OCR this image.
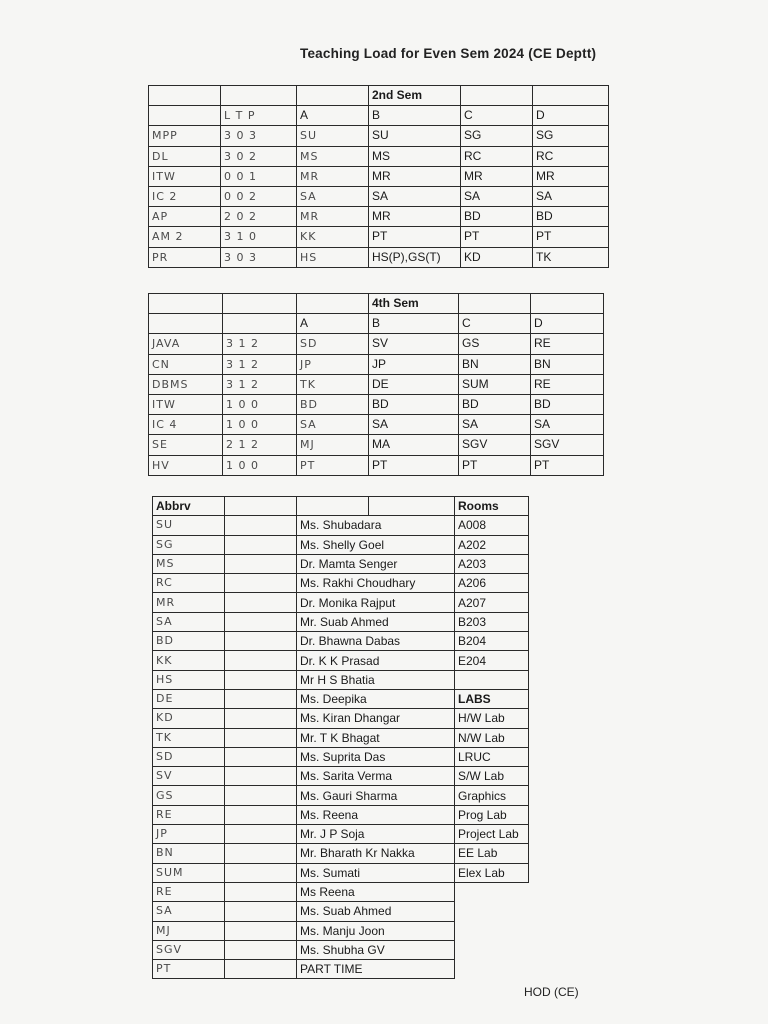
Teaching Load for Even Sem 2024 (CE Deptt)
			2nd Sem		
	L T P	A	B	C	D
MPP	3 0 3	SU	SU	SG	SG
DL	3 0 2	MS	MS	RC	RC
ITW	0 0 1	MR	MR	MR	MR
IC 2	0 0 2	SA	SA	SA	SA
AP	2 0 2	MR	MR	BD	BD
AM 2	3 1 0	KK	PT	PT	PT
PR	3 0 3	HS	HS(P),GS(T)	KD	TK
			4th Sem		
		A	B	C	D
JAVA	3 1 2	SD	SV	GS	RE
CN	3 1 2	JP	JP	BN	BN
DBMS	3 1 2	TK	DE	SUM	RE
ITW	1 0 0	BD	BD	BD	BD
IC 4	1 0 0	SA	SA	SA	SA
SE	2 1 2	MJ	MA	SGV	SGV
HV	1 0 0	PT	PT	PT	PT
Abbrv				Rooms
SU		Ms. Shubadara		A008
SG		Ms. Shelly Goel		A202
MS		Dr. Mamta Senger		A203
RC		Ms. Rakhi Choudhary		A206
MR		Dr. Monika Rajput		A207
SA		Mr. Suab Ahmed		B203
BD		Dr. Bhawna Dabas		B204
KK		Dr. K K Prasad		E204
HS		Mr H S Bhatia		
DE		Ms. Deepika		LABS
KD		Ms. Kiran Dhangar		H/W Lab
TK		Mr. T K Bhagat		N/W Lab
SD		Ms. Suprita Das		LRUC
SV		Ms. Sarita Verma		S/W Lab
GS		Ms. Gauri Sharma		Graphics
RE		Ms. Reena		Prog Lab
JP		Mr. J P Soja		Project Lab
BN		Mr. Bharath Kr Nakka		EE Lab
SUM		Ms. Sumati		Elex Lab
RE		Ms Reena		
SA		Ms. Suab Ahmed		
MJ		Ms. Manju Joon		
SGV		Ms. Shubha GV		
PT		PART TIME		
HOD (CE)
